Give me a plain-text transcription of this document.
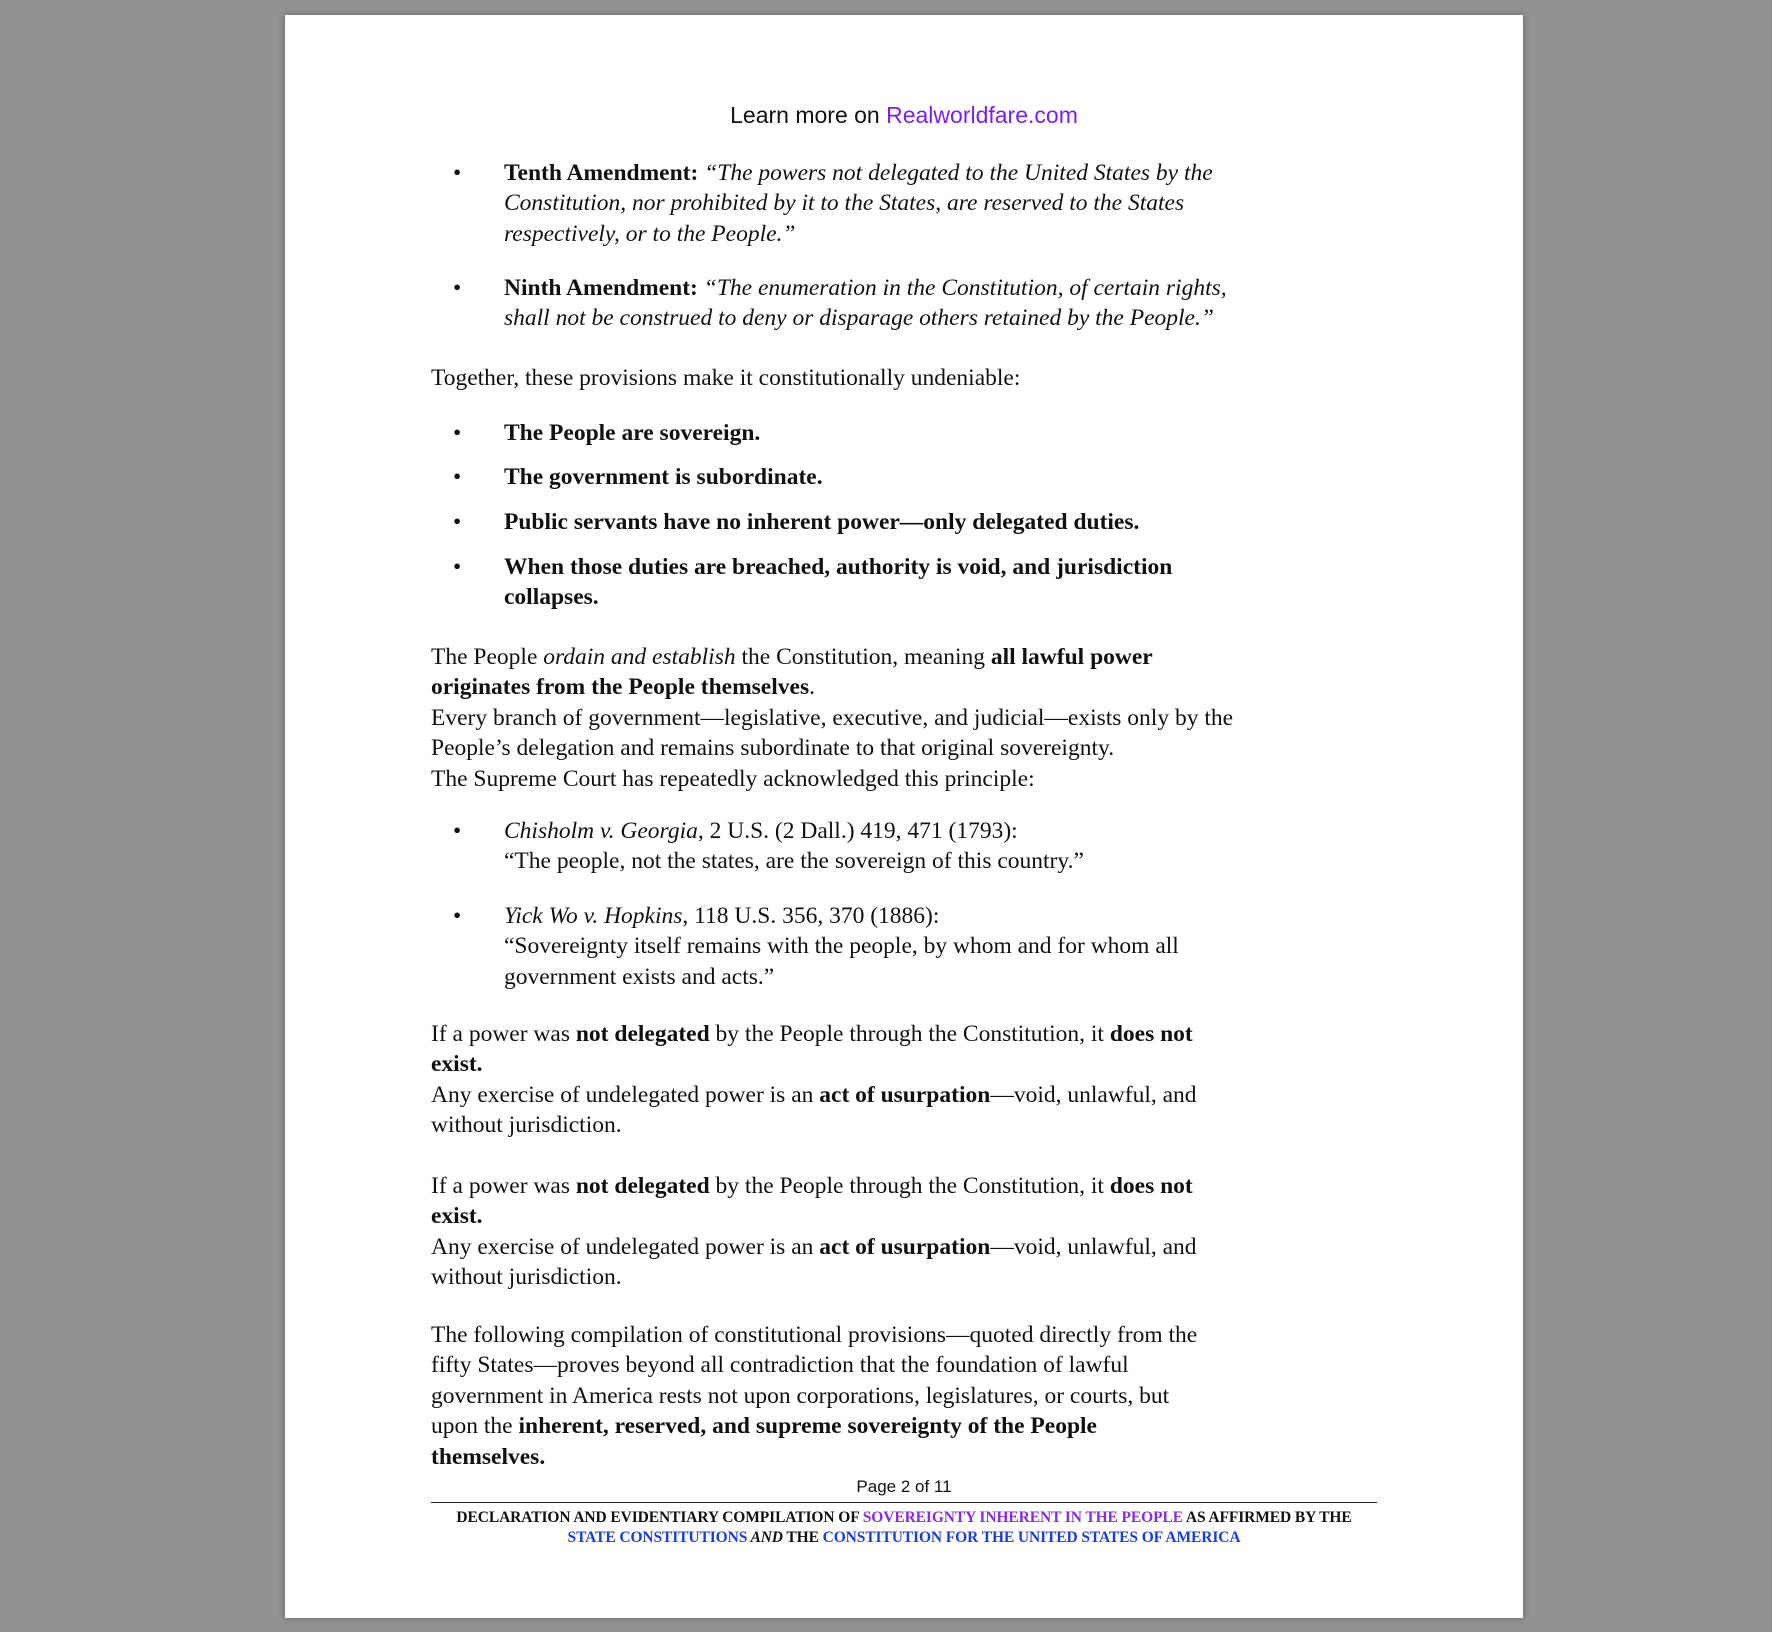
Learn more on Realworldfare.com
• Tenth Amendment: “The powers not delegated to the United States by the
Constitution, nor prohibited by it to the States, are reserved to the States
respectively, or to the People.”
• Ninth Amendment: “The enumeration in the Constitution, of certain rights,
shall not be construed to deny or disparage others retained by the People.”

Together, these provisions make it constitutionally undeniable:

• The People are sovereign.
• The government is subordinate.
• Public servants have no inherent power—only delegated duties.
• When those duties are breached, authority is void, and jurisdiction
collapses.
The People ordain and establish the Constitution, meaning all lawful power
originates from the People themselves.
Every branch of government—legislative, executive, and judicial—exists only by the
People’s delegation and remains subordinate to that original sovereignty.
The Supreme Court has repeatedly acknowledged this principle:
• Chisholm v. Georgia, 2 U.S. (2 Dall.) 419, 471 (1793):
“The people, not the states, are the sovereign of this country.”
• Yick Wo v. Hopkins, 118 U.S. 356, 370 (1886):
“Sovereignty itself remains with the people, by whom and for whom all
government exists and acts.”
If a power was not delegated by the People through the Constitution, it does not
exist.
Any exercise of undelegated power is an act of usurpation—void, unlawful, and
without jurisdiction.
If a power was not delegated by the People through the Constitution, it does not
exist.
Any exercise of undelegated power is an act of usurpation—void, unlawful, and
without jurisdiction.
The following compilation of constitutional provisions—quoted directly from the
fifty States—proves beyond all contradiction that the foundation of lawful
government in America rests not upon corporations, legislatures, or courts, but
upon the inherent, reserved, and supreme sovereignty of the People
themselves.
Page 2 of 11
DECLARATION AND EVIDENTIARY COMPILATION OF SOVEREIGNTY INHERENT IN THE PEOPLE AS AFFIRMED BY THE
STATE CONSTITUTIONS AND THE CONSTITUTION FOR THE UNITED STATES OF AMERICA
